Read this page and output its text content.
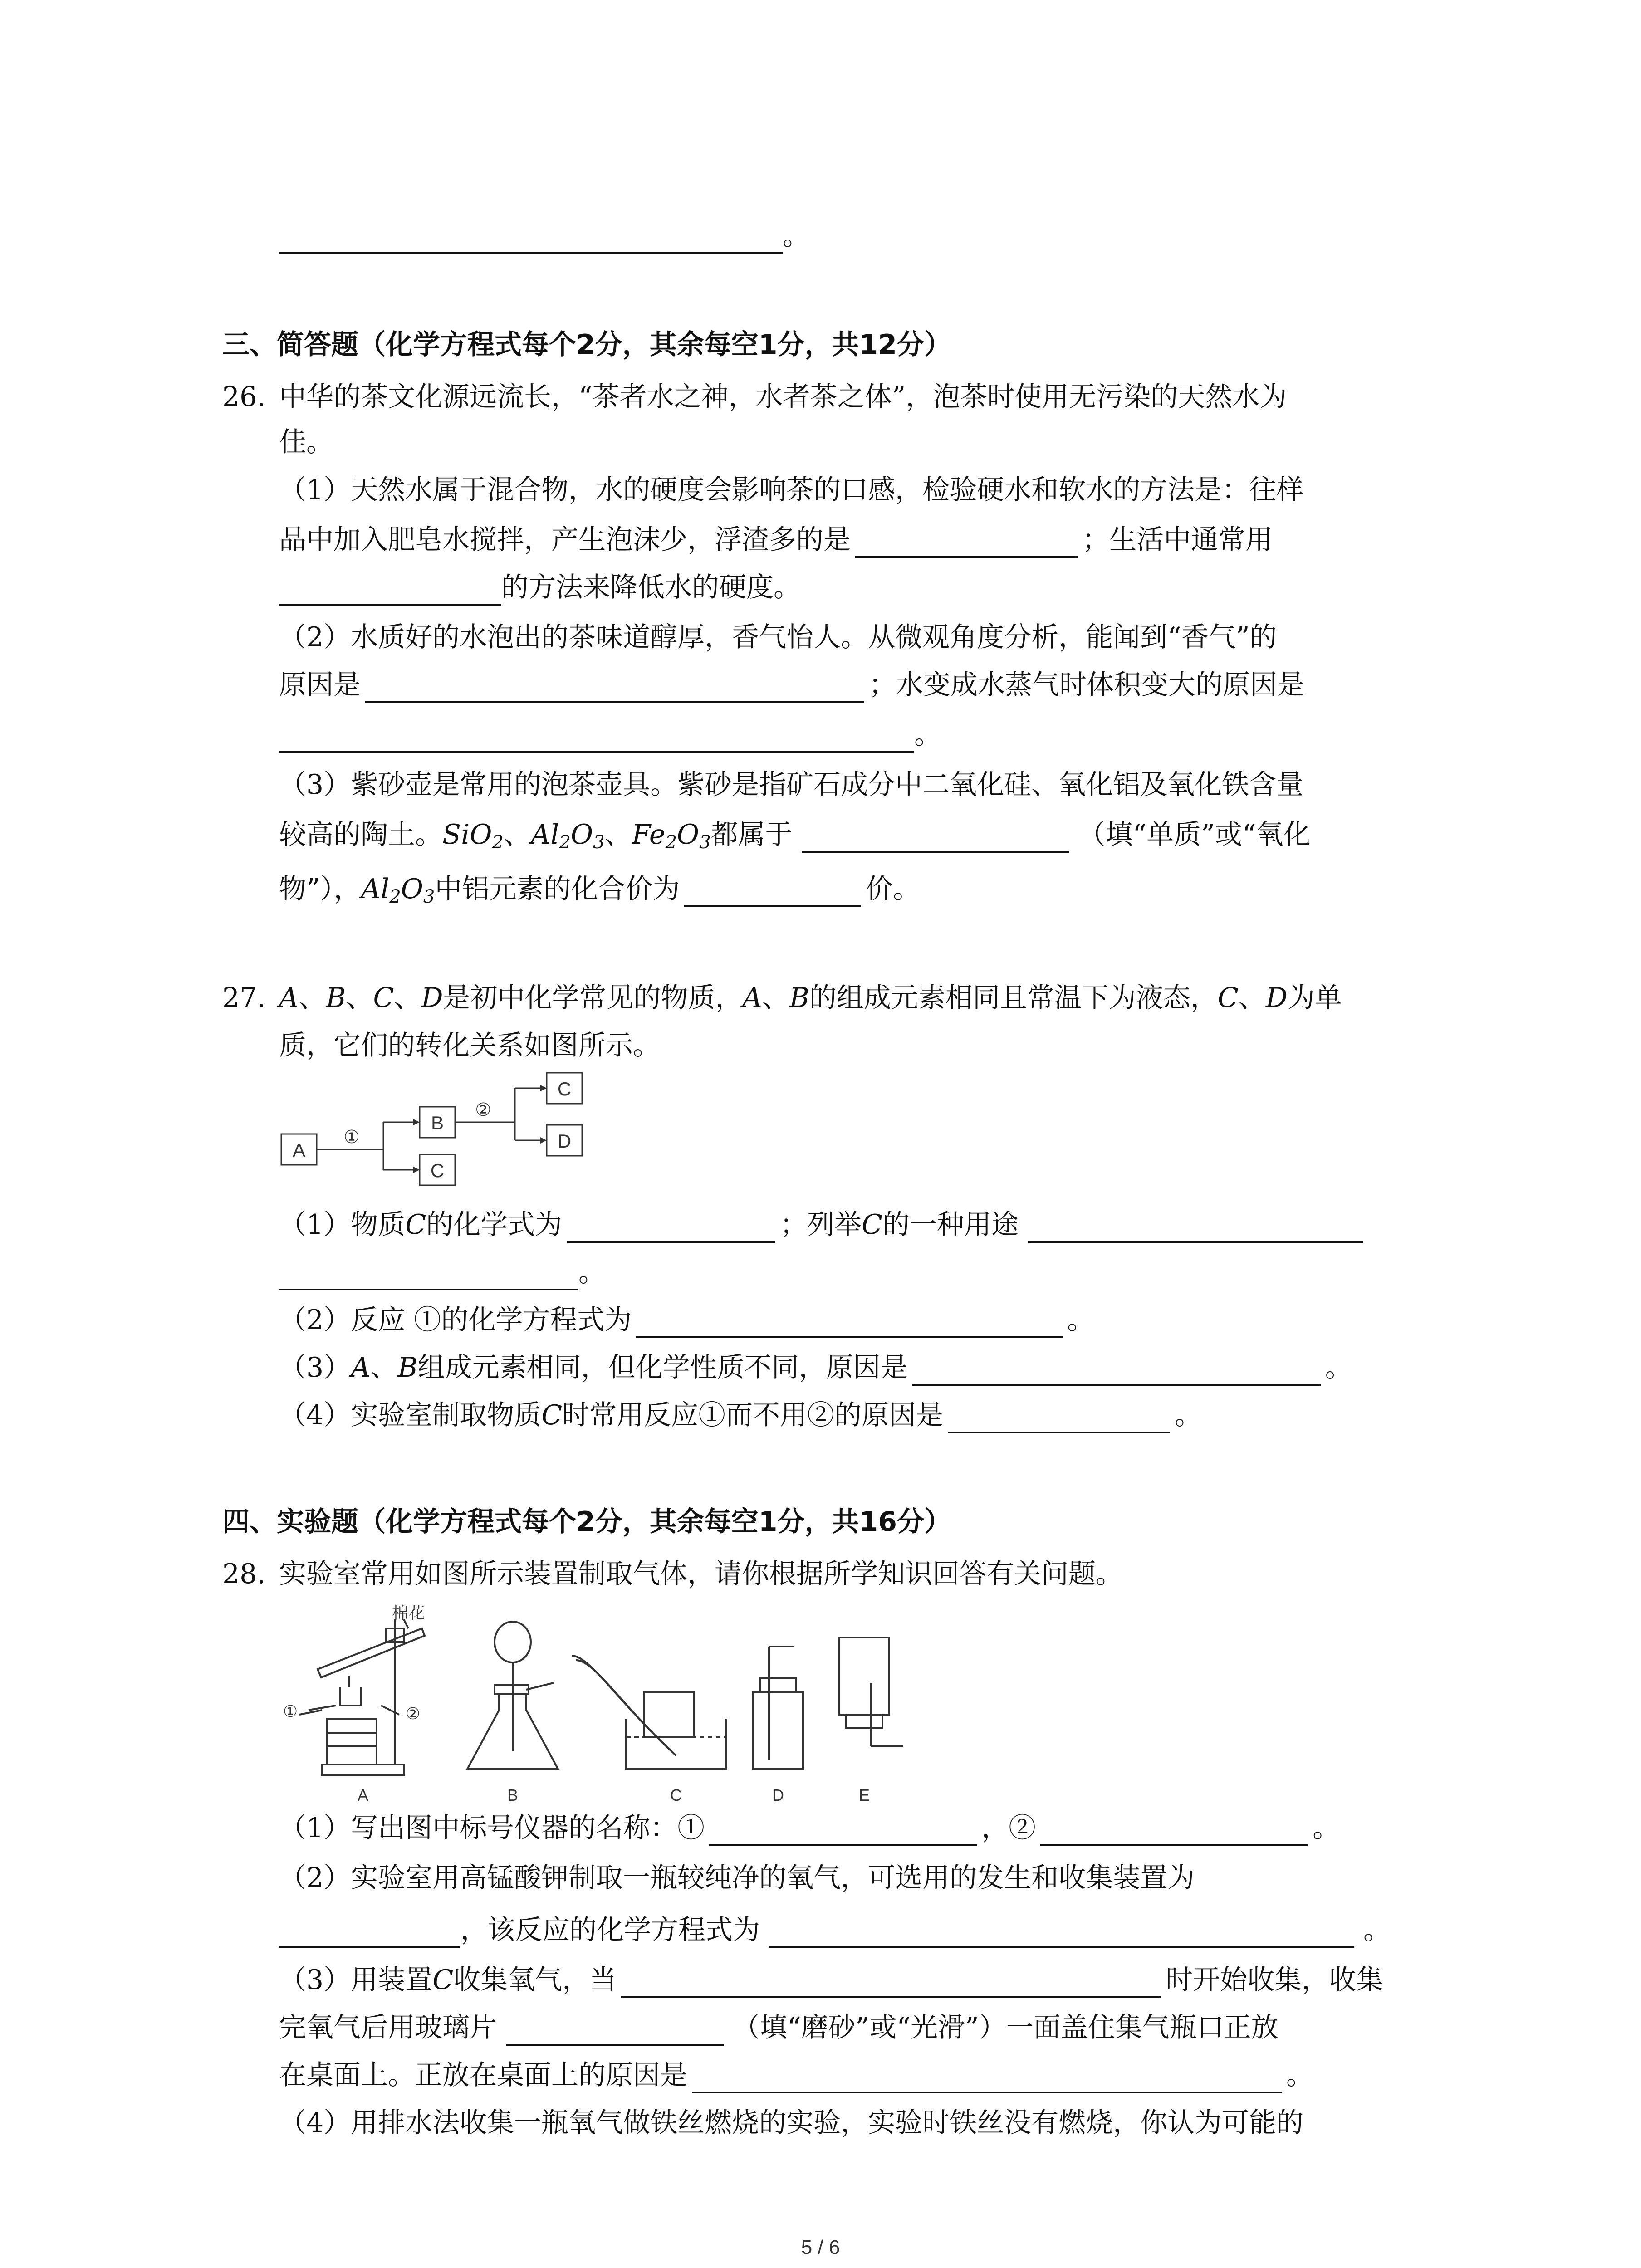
。
三、简答题（化学方程式每个2分，其余每空1分，共12分）
26. 中华的茶文化源远流长，“茶者水之神，水者茶之体”，泡茶时使用无污染的天然水为
佳。
（1）天然水属于混合物，水的硬度会影响茶的口感，检验硬水和软水的方法是：往样
品中加入肥皂水搅拌，产生泡沫少，浮渣多的是	；生活中通常用
的方法来降低水的硬度。
（2）水质好的水泡出的茶味道醇厚，香气怡人。从微观角度分析，能闻到“香气”的
原因是	；水变成水蒸气时体积变大的原因是
。
（3）紫砂壶是常用的泡茶壶具。紫砂是指矿石成分中二氧化硅、氧化铝及氧化铁含量
较高的陶土。SiO$_2$、$Al_2O_3$、$Fe_2O_3$都属于	（填“单质”或“氧化
物”），$Al_2O_3$中铝元素的化合价为	价。
27. A、B、C、D是初中化学常见的物质，A、B的组成元素相同且常温下为液态，C、D为单
质，它们的转化关系如图所示。
A
B
C
C
D
①
②
（1）物质C的化学式为	；列举C的一种用途
。
（2）反应 ①的化学方程式为	。
（3）A、B组成元素相同，但化学性质不同，原因是	。
（4）实验室制取物质C时常用反应①而不用②的原因是	。
四、实验题（化学方程式每个2分，其余每空1分，共16分）
28. 实验室常用如图所示装置制取气体，请你根据所学知识回答有关问题。
棉花
①	②
A	B	C	D	E
（1）写出图中标号仪器的名称：①	，②	。
（2）实验室用高锰酸钾制取一瓶较纯净的氧气，可选用的发生和收集装置为
，该反应的化学方程式为	。
（3）用装置C收集氧气，当	时开始收集，收集
完氧气后用玻璃片	（填“磨砂”或“光滑”）一面盖住集气瓶口正放
在桌面上。正放在桌面上的原因是	。
（4）用排水法收集一瓶氧气做铁丝燃烧的实验，实验时铁丝没有燃烧，你认为可能的
5 / 6
